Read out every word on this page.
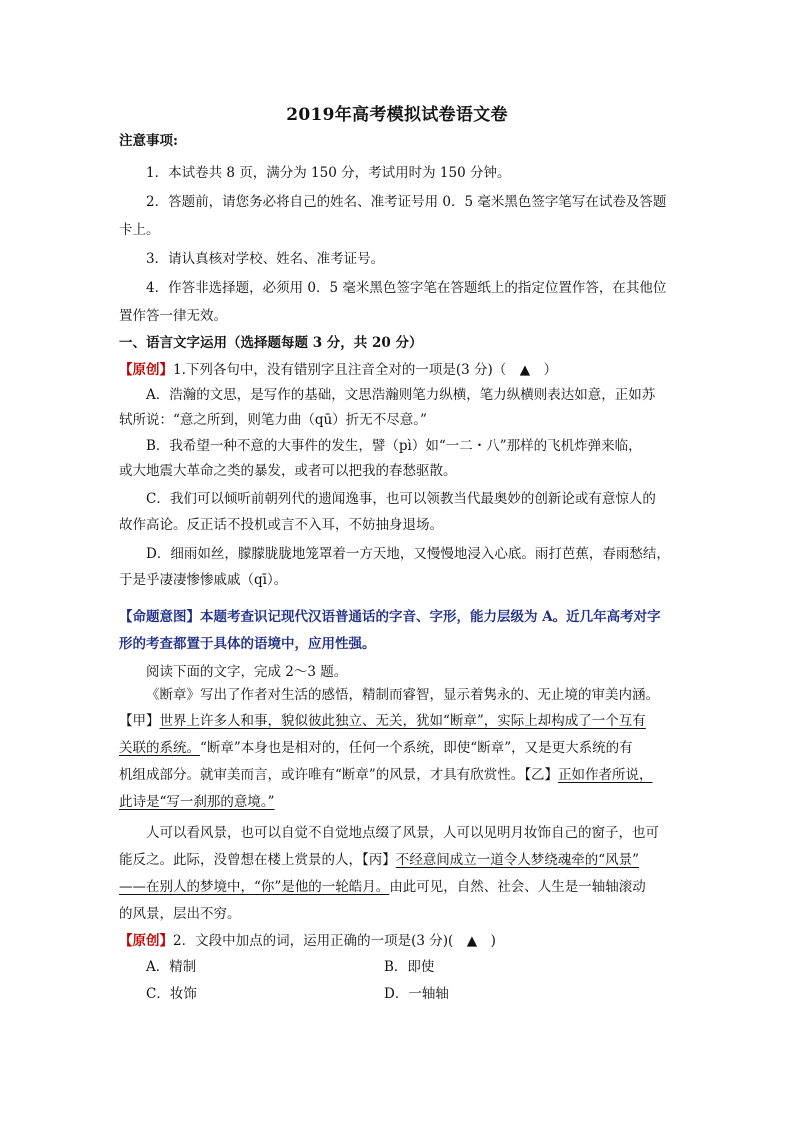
2019年高考模拟试卷语文卷
注意事项:
1．本试卷共 8 页，满分为 150 分，考试用时为 150 分钟。
2．答题前，请您务必将自己的姓名、准考证号用 0．5 毫米黑色签字笔写在试卷及答题
卡上。
3．请认真核对学校、姓名、准考证号。
4．作答非选择题，必须用 0．5 毫米黑色签字笔在答题纸上的指定位置作答，在其他位
置作答一律无效。
一、语言文字运用（选择题每题 3 分，共 20 分）
【原创】1.下列各句中，没有错别字且注音全对的一项是(3 分)（　▲　）
A．浩瀚的文思，是写作的基础，文思浩瀚则笔力纵横，笔力纵横则表达如意，正如苏
轼所说：“意之所到，则笔力曲（qū）折无不尽意。”
B．我希望一种不意的大事件的发生，譬（pì）如“一二・八”那样的飞机炸弹来临，
或大地震大革命之类的暴发，或者可以把我的春愁驱散。
C．我们可以倾听前朝列代的遗闻逸事，也可以领教当代最奥妙的创新论或有意惊人的
故作高论。反正话不投机或言不入耳，不妨抽身退场。
D．细雨如丝，朦朦胧胧地笼罩着一方天地，又慢慢地浸入心底。雨打芭蕉，春雨愁结，
于是乎凄凄惨惨戚戚（qī）。
【命题意图】本题考查识记现代汉语普通话的字音、字形，能力层级为 A。近几年高考对字
形的考查都置于具体的语境中，应用性强。
阅读下面的文字，完成 2～3 题。
《断章》写出了作者对生活的感悟，精制而睿智，显示着隽永的、无止境的审美内涵。
【甲】世界上许多人和事，貌似彼此独立、无关，犹如“断章”，实际上却构成了一个互有
关联的系统。“断章”本身也是相对的，任何一个系统，即使“断章”，又是更大系统的有
机组成部分。就审美而言，或许唯有“断章”的风景，才具有欣赏性。【乙】正如作者所说，
此诗是“写一刹那的意境。”
人可以看风景，也可以自觉不自觉地点缀了风景，人可以见明月妆饰自己的窗子，也可
能反之。此际，没曾想在楼上赏景的人，【丙】不经意间成立一道令人梦绕魂牵的“风景”
——在别人的梦境中，“你”是他的一轮皓月。由此可见，自然、社会、人生是一轴轴滚动
的风景，层出不穷。
【原创】2．文段中加点的词，运用正确的一项是(3 分)(　▲　)
A．精制	B．即使
C．妆饰	D．一轴轴
